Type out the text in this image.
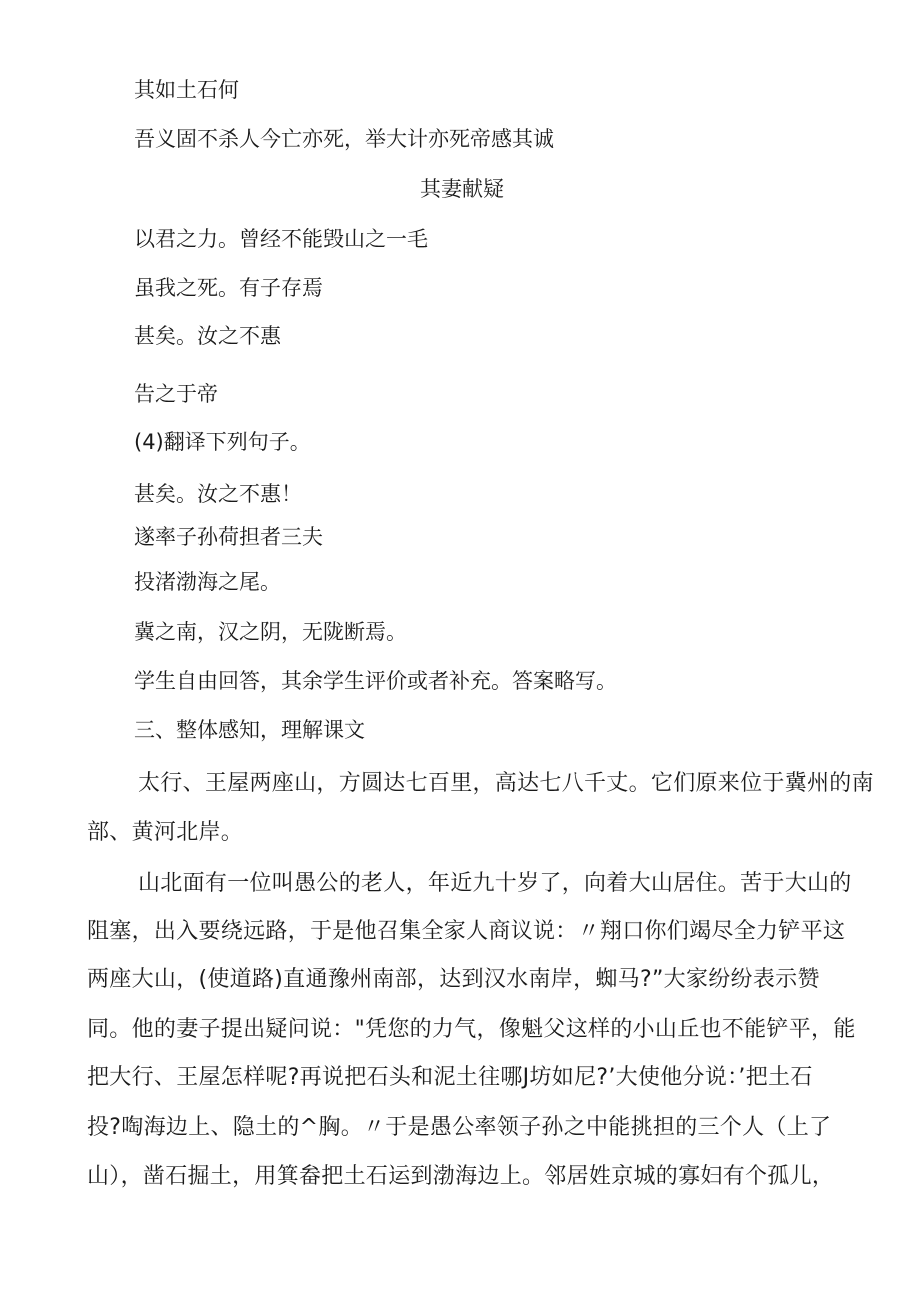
其如土石何

吾义固不杀人今亡亦死，举大计亦死帝感其诚

其妻献疑

以君之力。曾经不能毁山之一毛

虽我之死。有子存焉

甚矣。汝之不惠

告之于帝

(4)翻译下列句子。

甚矣。汝之不惠！

遂率子孙荷担者三夫

投渚渤海之尾。

冀之南，汉之阴，无陇断焉。

学生自由回答，其余学生评价或者补充。答案略写。

三、整体感知，理解课文

太行、王屋两座山，方圆达七百里，高达七八千丈。它们原来位于冀州的南

部、黄河北岸。

山北面有一位叫愚公的老人，年近九十岁了，向着大山居住。苦于大山的

阻塞，出入要绕远路，于是他召集全家人商议说：〃翔口你们竭尽全力铲平这

两座大山，(使道路)直通豫州南部，达到汉水南岸，蜘马?”大家纷纷表示赞

同。他的妻子提出疑问说："凭您的力气，像魁父这样的小山丘也不能铲平，能

把大行、王屋怎样呢?再说把石头和泥土往哪J坊如尼?’大使他分说：’把土石

投?啕海边上、隐土的^胸。〃于是愚公率领子孙之中能挑担的三个人（上了

山），凿石掘土，用箕畚把土石运到渤海边上。邻居姓京城的寡妇有个孤儿，
